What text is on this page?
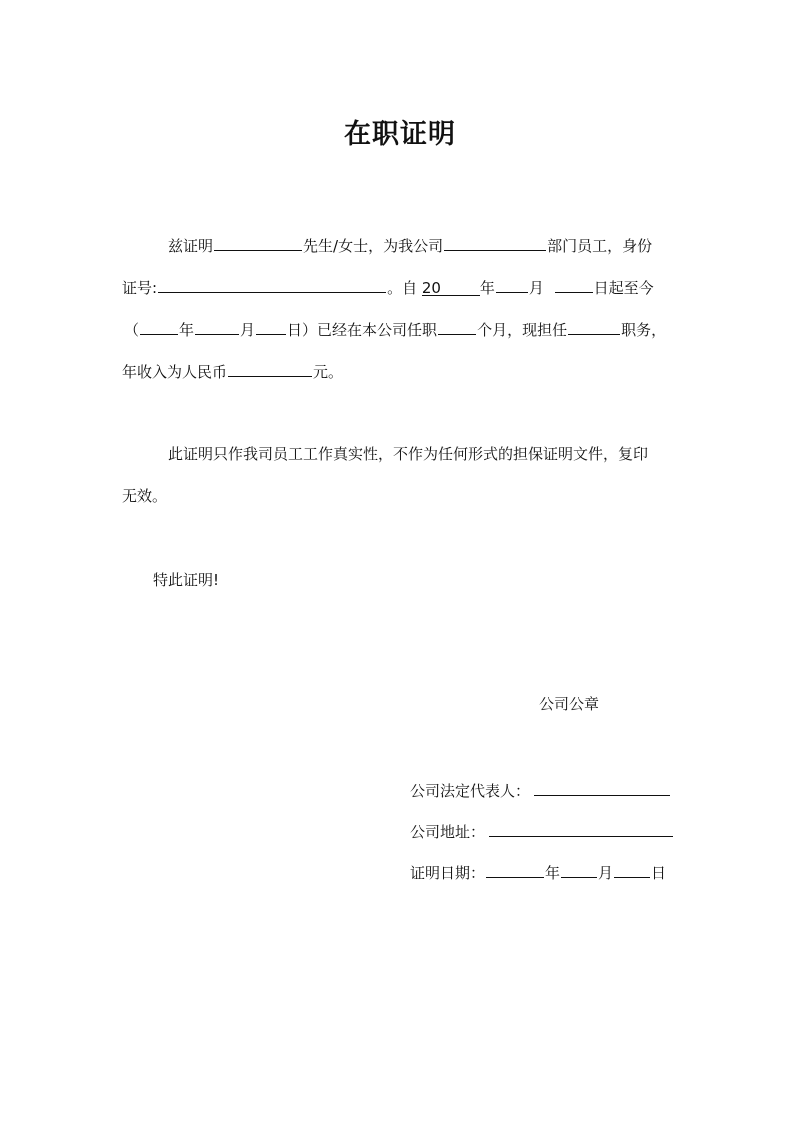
在职证明
兹证明	先生/女士，为我公司	部门员工，身份
证号:	。自 20	年 月	日起至今
（	年	月 日）已经在本公司任职	个月，现担任	职务，
年收入为人民币	元。
此证明只作我司员工工作真实性，不作为任何形式的担保证明文件，复印
无效。
特此证明!
公司公章
公司法定代表人：
公司地址：
证明日期：	年	月	日
